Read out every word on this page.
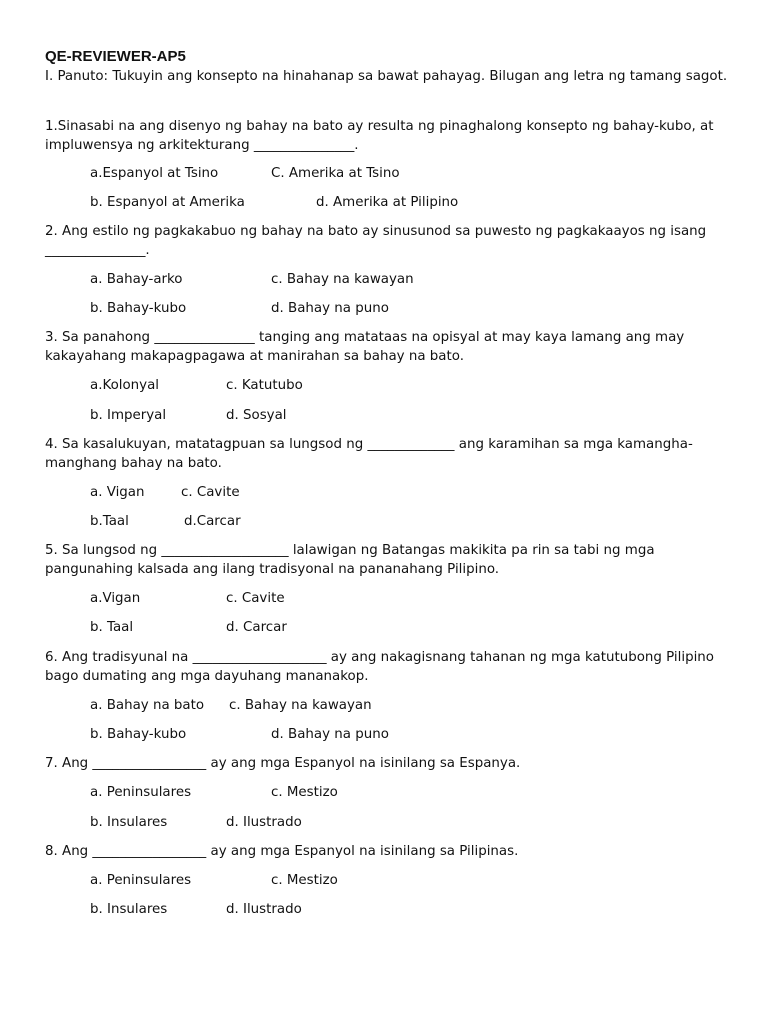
QE-REVIEWER-AP5
I. Panuto: Tukuyin ang konsepto na hinahanap sa bawat pahayag. Bilugan ang letra ng tamang sagot.
1.Sinasabi na ang disenyo ng bahay na bato ay resulta ng pinaghalong konsepto ng bahay-kubo, at impluwensya ng arkitekturang _______________.
a.Espanyol at Tsino	C. Amerika at Tsino
b. Espanyol at Amerika	d. Amerika at Pilipino
2. Ang estilo ng pagkakabuo ng bahay na bato ay sinusunod sa puwesto ng pagkakaayos ng isang _______________.
a. Bahay-arko	c. Bahay na kawayan
b. Bahay-kubo	d. Bahay na puno
3. Sa panahong _______________ tanging ang matataas na opisyal at may kaya lamang ang may kakayahang makapagpagawa at manirahan sa bahay na bato.
a.Kolonyal	c. Katutubo
b. Imperyal	d. Sosyal
4. Sa kasalukuyan, matatagpuan sa lungsod ng _____________ ang karamihan sa mga kamangha-manghang bahay na bato.
a. Vigan	c. Cavite
b.Taal	d.Carcar
5. Sa lungsod ng ___________________ lalawigan ng Batangas makikita pa rin sa tabi ng mga pangunahing kalsada ang ilang tradisyonal na pananahang Pilipino.
a.Vigan	c. Cavite
b. Taal	d. Carcar
6. Ang tradisyunal na ____________________ ay ang nakagisnang tahanan ng mga katutubong Pilipino bago dumating ang mga dayuhang mananakop.
a. Bahay na bato c. Bahay na kawayan
b. Bahay-kubo	d. Bahay na puno
7. Ang _________________ ay ang mga Espanyol na isinilang sa Espanya.
a. Peninsulares	c. Mestizo
b. Insulares	d. Ilustrado
8. Ang _________________ ay ang mga Espanyol na isinilang sa Pilipinas.
a. Peninsulares	c. Mestizo
b. Insulares	d. Ilustrado
